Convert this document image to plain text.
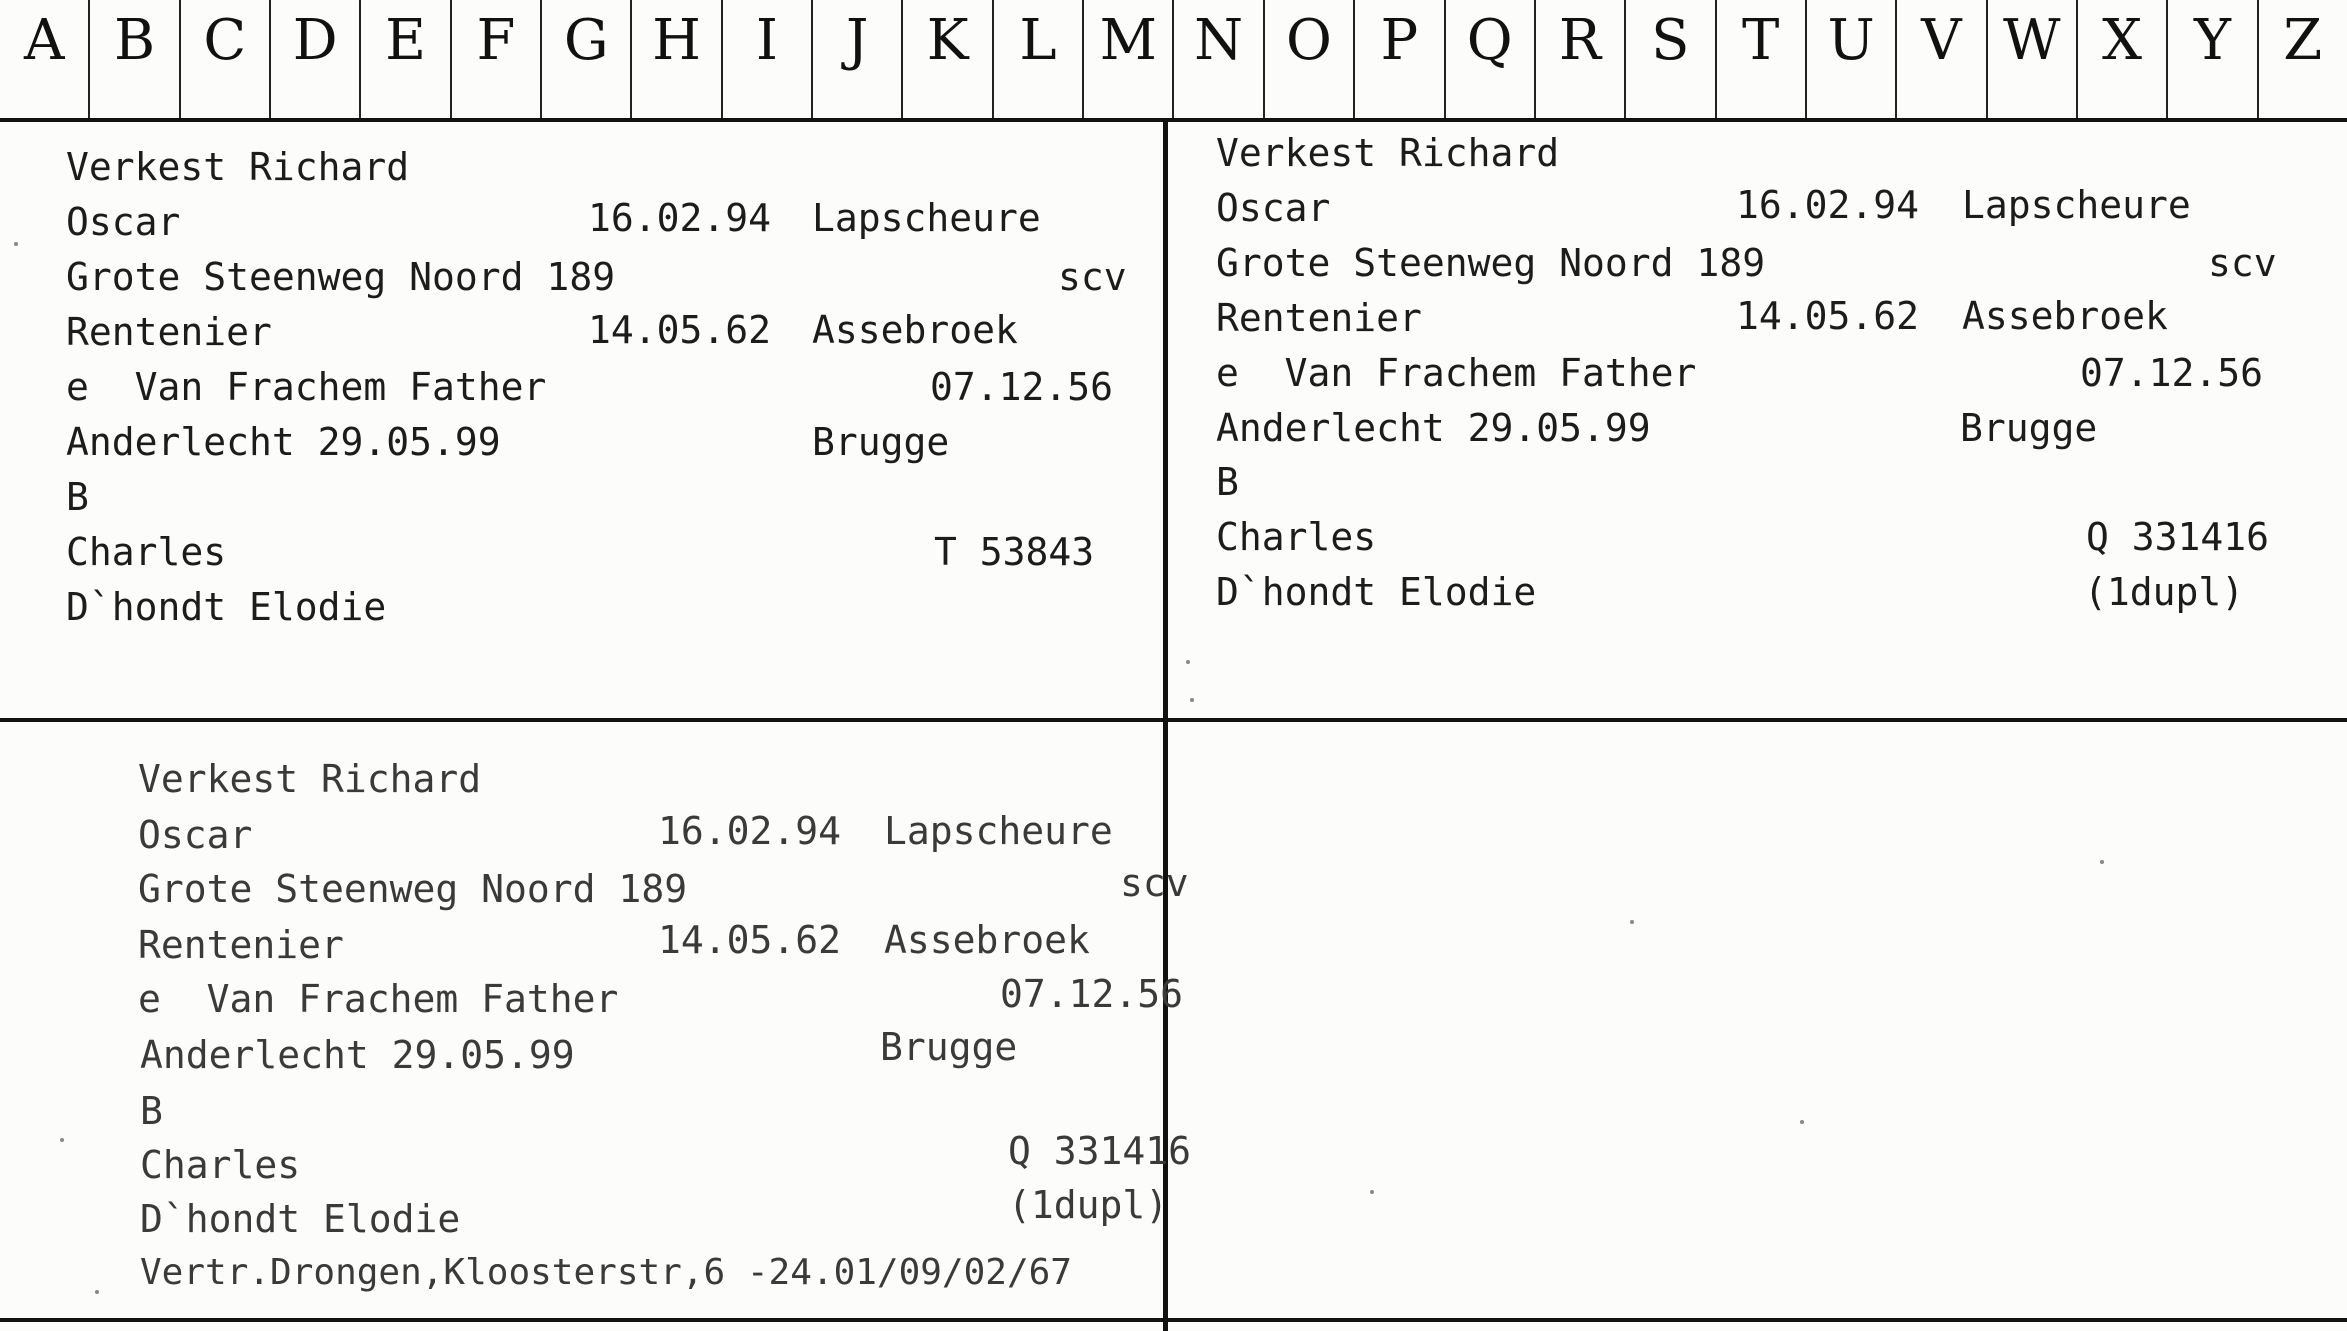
A B C D E F G H I	J	K L M N O P Q R S T U V W X Y Z
Verkest Richard
Oscar	16.02.94 Lapscheure
Grote Steenweg Noord 189	scv
Rentenier	14.05.62 Assebroek
e  Van Frachem Father	07.12.56
Anderlecht 29.05.99	Brugge
B
Charles	T 53843
D`hondt Elodie
Verkest Richard
Oscar	16.02.94 Lapscheure
Grote Steenweg Noord 189	scv
Rentenier	14.05.62 Assebroek
e  Van Frachem Father	07.12.56
Anderlecht 29.05.99	Brugge
B
Charles	Q 331416
D`hondt Elodie	(1dupl)
Verkest Richard
Oscar	16.02.94 Lapscheure
Grote Steenweg Noord 189	scv
Rentenier	14.05.62 Assebroek
e  Van Frachem Father	07.12.56
Anderlecht 29.05.99	Brugge
B
Charles	Q 331416
D`hondt Elodie	(1dupl)
Vertr.Drongen,Kloosterstr,6 -24.01/09/02/67
